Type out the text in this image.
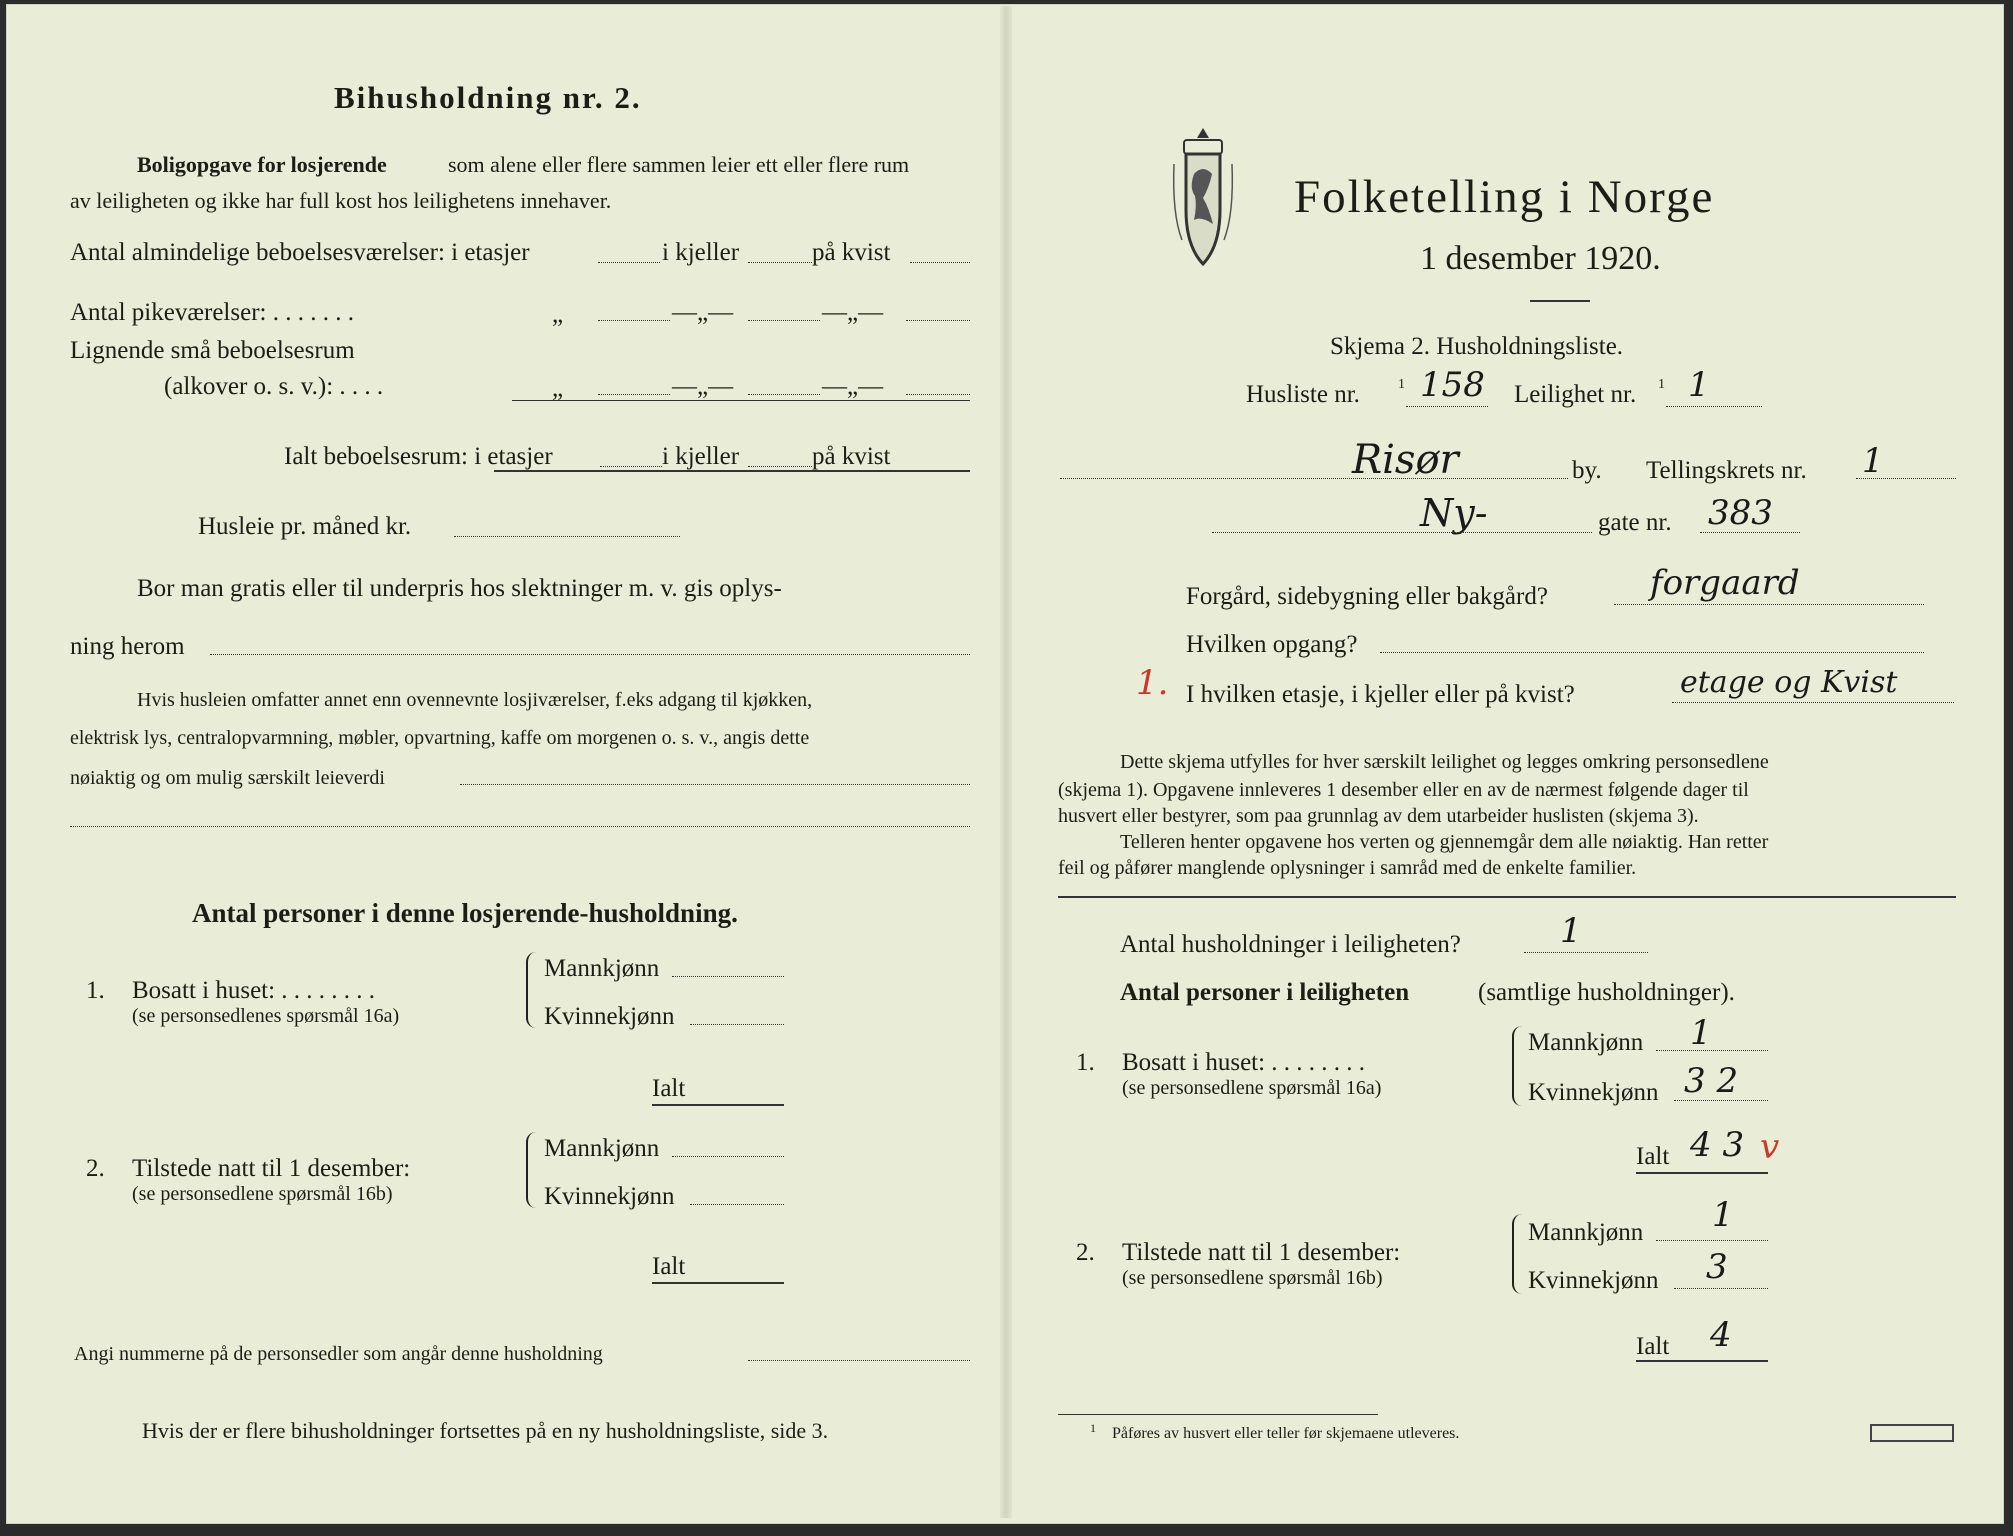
Bihusholdning nr. 2.
Boligopgave for losjerende	som alene eller flere sammen leier ett eller flere rum
av leiligheten og ikke har full kost hos leilighetens innehaver.
Antal almindelige beboelsesværelser: i etasjer	i kjeller	på kvist
Antal pikeværelser: . . . . . . .	„	—„—	—„—
Lignende små beboelsesrum
(alkover o. s. v.): . . . .	„	—„—	—„—
Ialt beboelsesrum: i etasjer	i kjeller	på kvist
Husleie pr. måned kr.
Bor man gratis eller til underpris hos slektninger m. v. gis oplys-
ning herom
Hvis husleien omfatter annet enn ovennevnte losjiværelser, f.eks adgang til kjøkken,
elektrisk lys, centralopvarmning, møbler, opvartning, kaffe om morgenen o. s. v., angis dette
nøiaktig og om mulig særskilt leieverdi
Antal personer i denne losjerende-husholdning.
1. Bosatt i huset: . . . . . . . .
(se personsedlenes spørsmål 16a)
Mannkjønn
Kvinnekjønn
Ialt
2. Tilstede natt til 1 desember:
(se personsedlene spørsmål 16b)
Mannkjønn
Kvinnekjønn
Ialt
Angi nummerne på de personsedler som angår denne husholdning
Hvis der er flere bihusholdninger fortsettes på en ny husholdningsliste, side 3.
Folketelling i Norge
1 desember 1920.
Skjema 2. Husholdningsliste.
Husliste nr.	1 158 Leilighet nr. 1 1
Risør	by. Tellingskrets nr. 1
Ny-	gate nr. 383
Forgård, sidebygning eller bakgård?	forgaard
Hvilken opgang?
1. I hvilken etasje, i kjeller eller på kvist?	etage og Kvist
Dette skjema utfylles for hver særskilt leilighet og legges omkring personsedlene
(skjema 1). Opgavene innleveres 1 desember eller en av de nærmest følgende dager til
husvert eller bestyrer, som paa grunnlag av dem utarbeider huslisten (skjema 3).
Telleren henter opgavene hos verten og gjennemgår dem alle nøiaktig. Han retter
feil og påfører manglende oplysninger i samråd med de enkelte familier.
Antal husholdninger i leiligheten?	1
Antal personer i leiligheten	(samtlige husholdninger).
1. Bosatt i huset: . . . . . . . .
(se personsedlene spørsmål 16a)
Mannkjønn 1
Kvinnekjønn 3 2
Ialt 4 3 v
2. Tilstede natt til 1 desember:
(se personsedlene spørsmål 16b)
Mannkjønn 1
Kvinnekjønn 3
Ialt 4
1 Påføres av husvert eller teller før skjemaene utleveres.
